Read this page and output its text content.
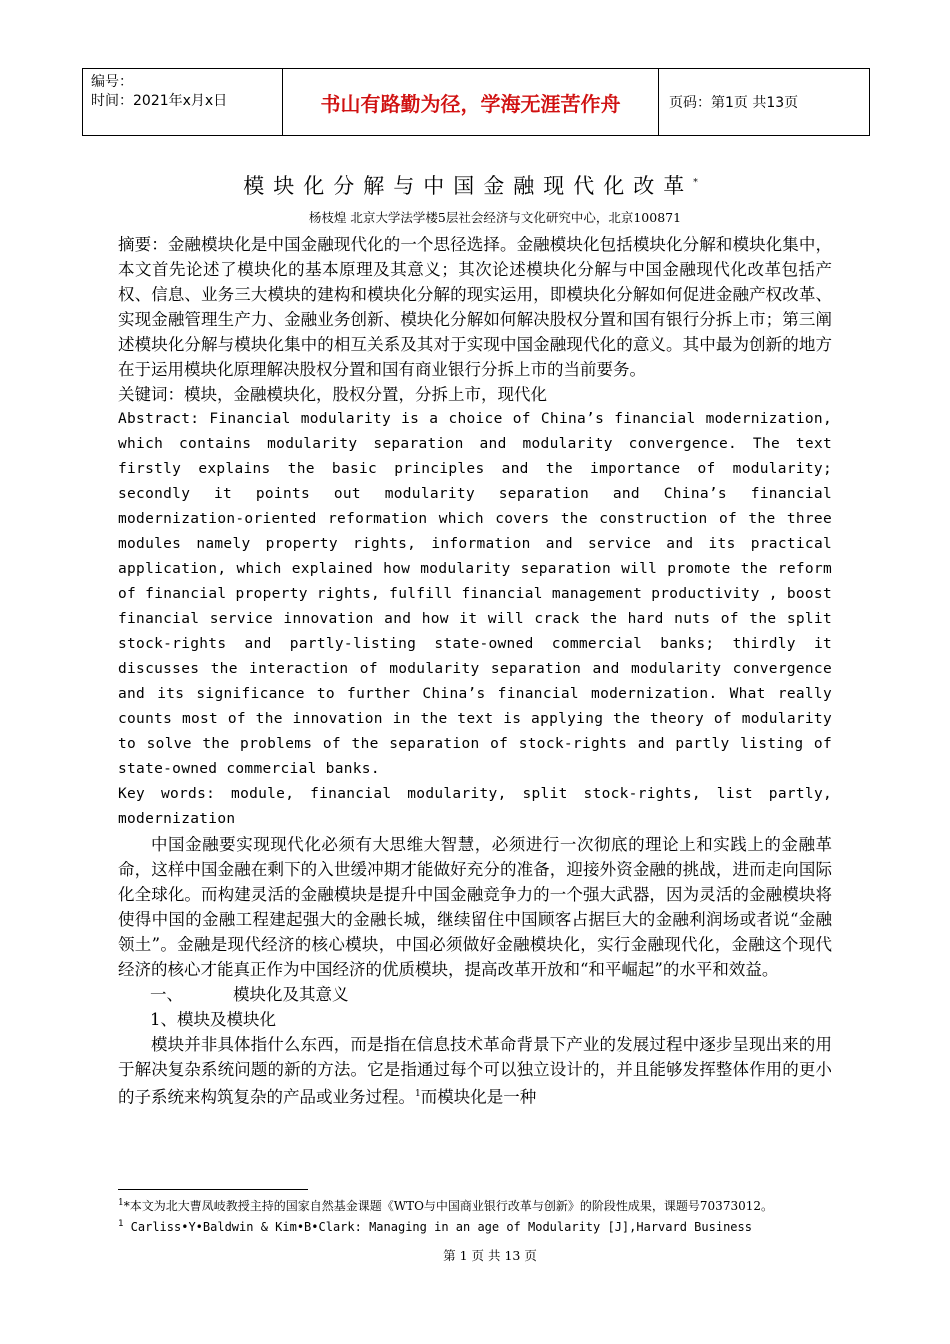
编号：
时间：2021年x月x日	书山有路勤为径，学海无涯苦作舟	页码：第1页 共13页
模块化分解与中国金融现代化改革*
杨枝煌 北京大学法学楼5层社会经济与文化研究中心，北京100871

摘要：金融模块化是中国金融现代化的一个思径选择。金融模块化包括模块化分解和模块化集中，本文首先论述了模块化的基本原理及其意义；其次论述模块化分解与中国金融现代化改革包括产权、信息、业务三大模块的建构和模块化分解的现实运用，即模块化分解如何促进金融产权改革、实现金融管理生产力、金融业务创新、模块化分解如何解决股权分置和国有银行分拆上市；第三阐述模块化分解与模块化集中的相互关系及其对于实现中国金融现代化的意义。其中最为创新的地方在于运用模块化原理解决股权分置和国有商业银行分拆上市的当前要务。

关键词：模块，金融模块化，股权分置，分拆上市，现代化

Abstract: Financial modularity is a choice of China’s financial modernization, which contains modularity separation and modularity convergence. The text firstly explains the basic principles and the importance of modularity; secondly it points out modularity separation and China’s financial modernization-oriented reformation which covers the construction of the three modules namely property rights, information and service and its practical application, which explained how modularity separation will promote the reform of financial property rights, fulfill financial management productivity , boost financial service innovation and how it will crack the hard nuts of the split stock-rights and partly-listing state-owned commercial banks; thirdly it discusses the interaction of modularity separation and modularity convergence and its significance to further China’s financial modernization. What really counts most of the innovation in the text is applying the theory of modularity to solve the problems of the separation of stock-rights and partly listing of state-owned commercial banks.

Key words: module, financial modularity, split stock-rights, list partly, modernization

中国金融要实现现代化必须有大思维大智慧，必须进行一次彻底的理论上和实践上的金融革命，这样中国金融在剩下的入世缓冲期才能做好充分的准备，迎接外资金融的挑战，进而走向国际化全球化。而构建灵活的金融模块是提升中国金融竞争力的一个强大武器，因为灵活的金融模块将使得中国的金融工程建起强大的金融长城，继续留住中国顾客占据巨大的金融利润场或者说“金融领土”。金融是现代经济的核心模块，中国必须做好金融模块化，实行金融现代化，金融这个现代经济的核心才能真正作为中国经济的优质模块，提高改革开放和“和平崛起”的水平和效益。

一、	模块化及其意义

1、模块及模块化

模块并非具体指什么东西，而是指在信息技术革命背景下产业的发展过程中逐步呈现出来的用于解决复杂系统问题的新的方法。它是指通过每个可以独立设计的，并且能够发挥整体作用的更小的子系统来构筑复杂的产品或业务过程。$^1$而模块化是一种

$^1$*本文为北大曹凤岐教授主持的国家自然基金课题《WTO与中国商业银行改革与创新》的阶段性成果，课题号70373012。
$^1$ Carliss•Y•Baldwin & Kim•B•Clark: Managing in an age of Modularity [J],Harvard Business
第 1 页 共 13 页
